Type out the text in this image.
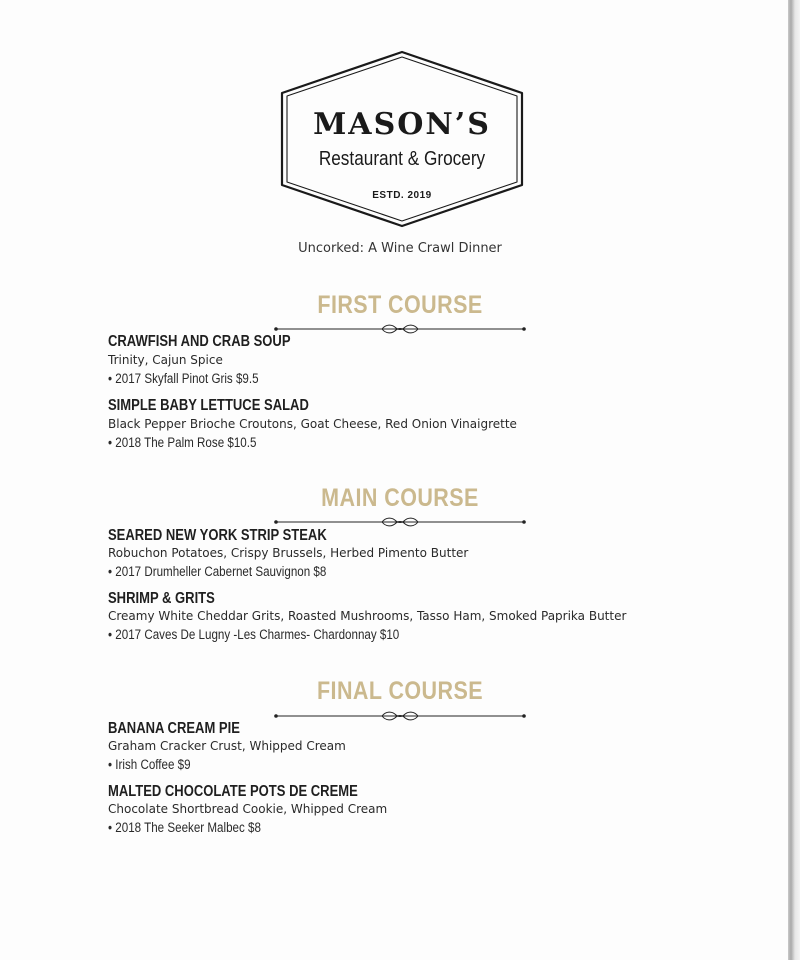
MASON’S
Restaurant & Grocery
ESTD. 2019
Uncorked: A Wine Crawl Dinner
FIRST COURSE
CRAWFISH AND CRAB SOUP
Trinity, Cajun Spice
• 2017 Skyfall Pinot Gris $9.5
SIMPLE BABY LETTUCE SALAD
Black Pepper Brioche Croutons, Goat Cheese, Red Onion Vinaigrette
• 2018 The Palm Rose $10.5
MAIN COURSE
SEARED NEW YORK STRIP STEAK
Robuchon Potatoes, Crispy Brussels, Herbed Pimento Butter
• 2017 Drumheller Cabernet Sauvignon $8
SHRIMP & GRITS
Creamy White Cheddar Grits, Roasted Mushrooms, Tasso Ham, Smoked Paprika Butter
• 2017 Caves De Lugny -Les Charmes- Chardonnay $10
FINAL COURSE
BANANA CREAM PIE
Graham Cracker Crust, Whipped Cream
• Irish Coffee $9
MALTED CHOCOLATE POTS DE CREME
Chocolate Shortbread Cookie, Whipped Cream
• 2018 The Seeker Malbec $8
